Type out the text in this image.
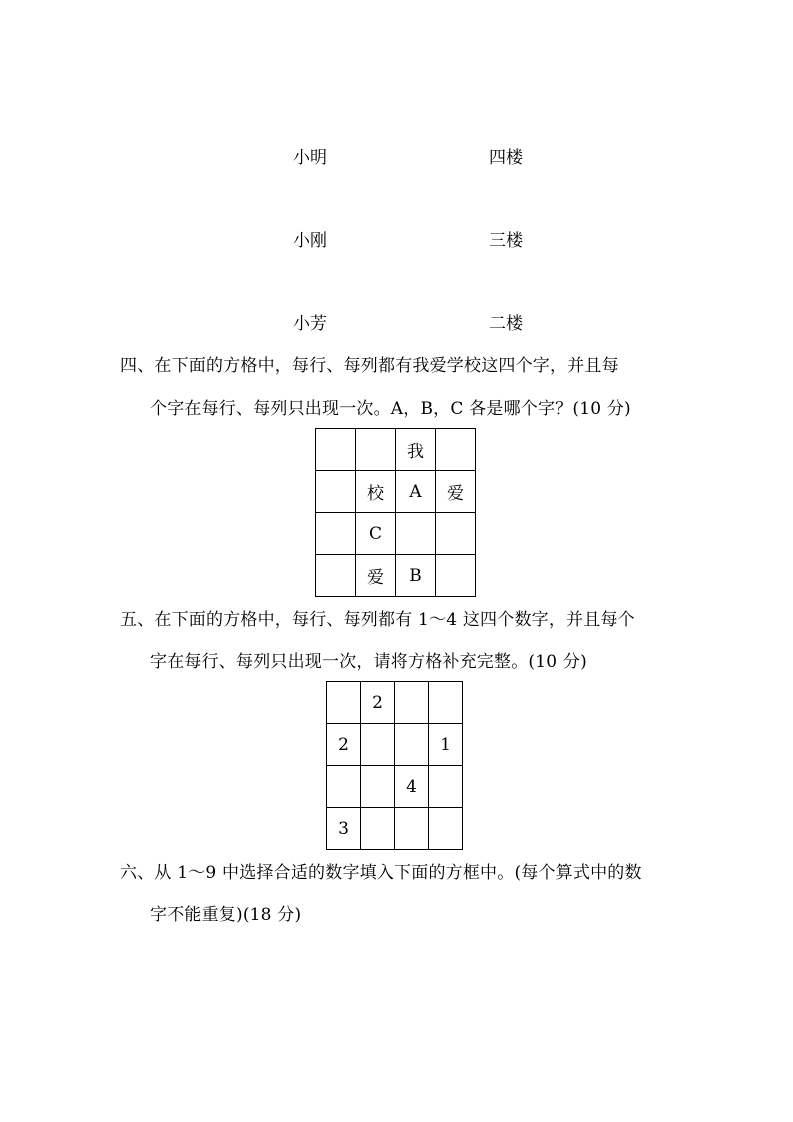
小明	四楼
小刚	三楼
小芳	二楼
四、在下面的方格中，每行、每列都有我爱学校这四个字，并且每
个字在每行、每列只出现一次。A，B，C 各是哪个字？(10 分)
		我	
	校	A	爱
	C		
	爱	B	
五、在下面的方格中，每行、每列都有 1～4 这四个数字，并且每个
字在每行、每列只出现一次，请将方格补充完整。(10 分)
	2		
2			1
		4	
3			
六、从 1～9 中选择合适的数字填入下面的方框中。(每个算式中的数
字不能重复)(18 分)
